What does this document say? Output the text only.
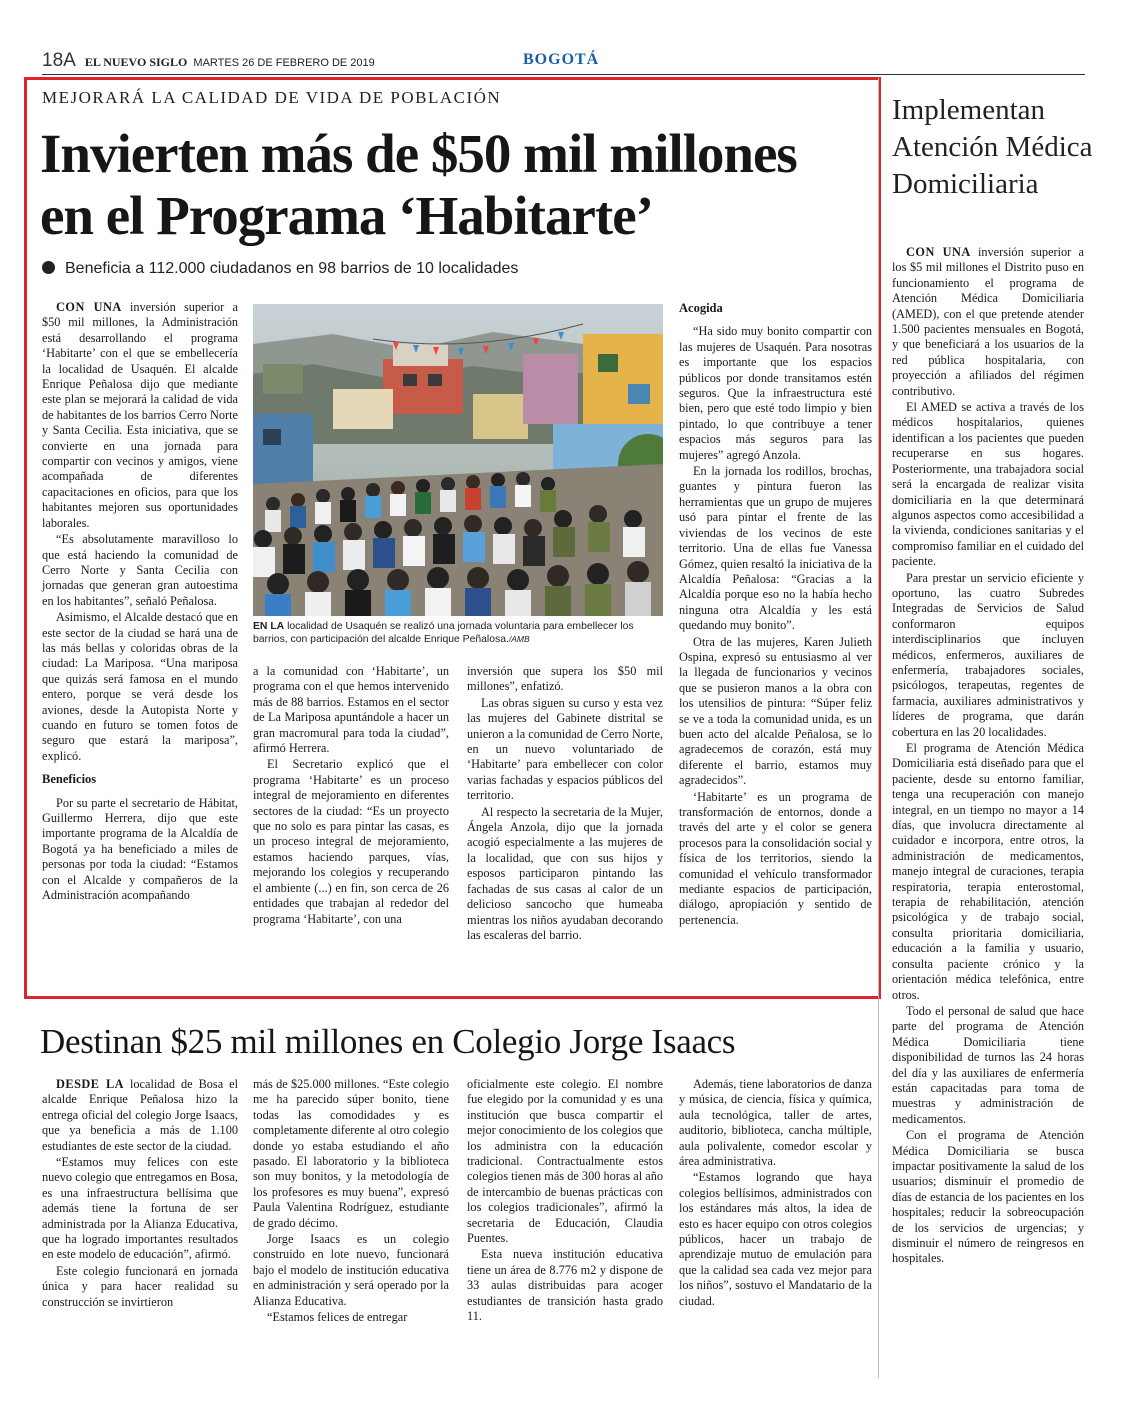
18A EL NUEVO SIGLO MARTES 26 DE FEBRERO DE 2019	BOGOTÁ
MEJORARÁ LA CALIDAD DE VIDA DE POBLACIÓN
Invierten más de $50 mil millones
en el Programa ‘Habitarte’
Beneficia a 112.000 ciudadanos en 98 barrios de 10 localidades

CON UNA inversión superior a $50 mil millones, la Administración está desarrollando el programa ‘Habitarte’ con el que se embellecería la localidad de Usaquén. El alcalde Enrique Peñalosa dijo que mediante este plan se mejorará la calidad de vida de habitantes de los barrios Cerro Norte y Santa Cecilia. Esta iniciativa, que se convierte en una jornada para compartir con vecinos y amigos, viene acompañada de diferentes capacitaciones en oficios, para que los habitantes mejoren sus oportunidades laborales.

“Es absolutamente maravilloso lo que está haciendo la comunidad de Cerro Norte y Santa Cecilia con jornadas que generan gran autoestima en los habitantes”, señaló Peñalosa.

Asimismo, el Alcalde destacó que en este sector de la ciudad se hará una de las más bellas y coloridas obras de la ciudad: La Mariposa. “Una mariposa que quizás será famosa en el mundo entero, porque se verá desde los aviones, desde la Autopista Norte y cuando en futuro se tomen fotos de seguro que estará la mariposa”, explicó.

Beneficios

Por su parte el secretario de Hábitat, Guillermo Herrera, dijo que este importante programa de la Alcaldía de Bogotá ya ha beneficiado a miles de personas por toda la ciudad: “Estamos con el Alcalde y compañeros de la Administración acompañando

EN LA localidad de Usaquén se realizó una jornada voluntaria para embellecer los barrios, con participación del alcalde Enrique Peñalosa./AMB

a la comunidad con ‘Habitarte’, un programa con el que hemos intervenido más de 88 barrios. Estamos en el sector de La Mariposa apuntándole a hacer un gran macromural para toda la ciudad”, afirmó Herrera.

El Secretario explicó que el programa ‘Habitarte’ es un proceso integral de mejoramiento en diferentes sectores de la ciudad: “Es un proyecto que no solo es para pintar las casas, es un proceso integral de mejoramiento, estamos haciendo parques, vías, mejorando los colegios y recuperando el ambiente (...) en fin, son cerca de 26 entidades que trabajan al rededor del programa ‘Habitarte’, con una

inversión que supera los $50 mil millones”, enfatizó.

Las obras siguen su curso y esta vez las mujeres del Gabinete distrital se unieron a la comunidad de Cerro Norte, en un nuevo voluntariado de ‘Habitarte’ para embellecer con color varias fachadas y espacios públicos del territorio.

Al respecto la secretaria de la Mujer, Ángela Anzola, dijo que la jornada acogió especialmente a las mujeres de la localidad, que con sus hijos y esposos participaron pintando las fachadas de sus casas al calor de un delicioso sancocho que humeaba mientras los niños ayudaban decorando las escaleras del barrio.

Acogida

“Ha sido muy bonito compartir con las mujeres de Usaquén. Para nosotras es importante que los espacios públicos por donde transitamos estén seguros. Que la infraestructura esté bien, pero que esté todo limpio y bien pintado, lo que contribuye a tener espacios más seguros para las mujeres” agregó Anzola.

En la jornada los rodillos, brochas, guantes y pintura fueron las herramientas que un grupo de mujeres usó para pintar el frente de las viviendas de los vecinos de este territorio. Una de ellas fue Vanessa Gómez, quien resaltó la iniciativa de la Alcaldía Peñalosa: “Gracias a la Alcaldía porque eso no la había hecho ninguna otra Alcaldía y les está quedando muy bonito”.

Otra de las mujeres, Karen Julieth Ospina, expresó su entusiasmo al ver la llegada de funcionarios y vecinos que se pusieron manos a la obra con los utensilios de pintura: “Súper feliz se ve a toda la comunidad unida, es un buen acto del alcalde Peñalosa, se lo agradecemos de corazón, está muy diferente el barrio, estamos muy agradecidos”.

‘Habitarte’ es un programa de transformación de entornos, donde a través del arte y el color se genera procesos para la consolidación social y física de los territorios, siendo la comunidad el vehículo transformador mediante espacios de participación, diálogo, apropiación y sentido de pertenencia.

Implementan Atención Médica Domiciliaria

CON UNA inversión superior a los $5 mil millones el Distrito puso en funcionamiento el programa de Atención Médica Domiciliaria (AMED), con el que pretende atender 1.500 pacientes mensuales en Bogotá, y que beneficiará a los usuarios de la red pública hospitalaria, con proyección a afiliados del régimen contributivo.

El AMED se activa a través de los médicos hospitalarios, quienes identifican a los pacientes que pueden recuperarse en sus hogares. Posteriormente, una trabajadora social será la encargada de realizar visita domiciliaria en la que determinará algunos aspectos como accesibilidad a la vivienda, condiciones sanitarias y el compromiso familiar en el cuidado del paciente.

Para prestar un servicio eficiente y oportuno, las cuatro Subredes Integradas de Servicios de Salud conformaron equipos interdisciplinarios que incluyen médicos, enfermeros, auxiliares de enfermería, trabajadores sociales, psicólogos, terapeutas, regentes de farmacia, auxiliares administrativos y líderes de programa, que darán cobertura en las 20 localidades.

El programa de Atención Médica Domiciliaria está diseñado para que el paciente, desde su entorno familiar, tenga una recuperación con manejo integral, en un tiempo no mayor a 14 días, que involucra directamente al cuidador e incorpora, entre otros, la administración de medicamentos, manejo integral de curaciones, terapia respiratoria, terapia enterostomal, terapia de rehabilitación, atención psicológica y de trabajo social, consulta prioritaria domiciliaria, educación a la familia y usuario, consulta paciente crónico y la orientación médica telefónica, entre otros.

Todo el personal de salud que hace parte del programa de Atención Médica Domiciliaria tiene disponibilidad de turnos las 24 horas del día y las auxiliares de enfermería están capacitadas para toma de muestras y administración de medicamentos.

Con el programa de Atención Médica Domiciliaria se busca impactar positivamente la salud de los usuarios; disminuir el promedio de días de estancia de los pacientes en los hospitales; reducir la sobreocupación de los servicios de urgencias; y disminuir el número de reingresos en hospitales.

Destinan $25 mil millones en Colegio Jorge Isaacs

DESDE LA localidad de Bosa el alcalde Enrique Peñalosa hizo la entrega oficial del colegio Jorge Isaacs, que ya beneficia a más de 1.100 estudiantes de este sector de la ciudad.

“Estamos muy felices con este nuevo colegio que entregamos en Bosa, es una infraestructura bellísima que además tiene la fortuna de ser administrada por la Alianza Educativa, que ha logrado importantes resultados en este modelo de educación”, afirmó.

Este colegio funcionará en jornada única y para hacer realidad su construcción se invirtieron

más de $25.000 millones. “Este colegio me ha parecido súper bonito, tiene todas las comodidades y es completamente diferente al otro colegio donde yo estaba estudiando el año pasado. El laboratorio y la biblioteca son muy bonitos, y la metodología de los profesores es muy buena”, expresó Paula Valentina Rodríguez, estudiante de grado décimo.

Jorge Isaacs es un colegio construido en lote nuevo, funcionará bajo el modelo de institución educativa en administración y será operado por la Alianza Educativa.

“Estamos felices de entregar

oficialmente este colegio. El nombre fue elegido por la comunidad y es una institución que busca compartir el mejor conocimiento de los colegios que los administra con la educación tradicional. Contractualmente estos colegios tienen más de 300 horas al año de intercambio de buenas prácticas con los colegios tradicionales”, afirmó la secretaria de Educación, Claudia Puentes.

Esta nueva institución educativa tiene un área de 8.776 m2 y dispone de 33 aulas distribuidas para acoger estudiantes de transición hasta grado 11.

Además, tiene laboratorios de danza y música, de ciencia, física y química, aula tecnológica, taller de artes, auditorio, biblioteca, cancha múltiple, aula polivalente, comedor escolar y área administrativa.

“Estamos logrando que haya colegios bellísimos, administrados con los estándares más altos, la idea de esto es hacer equipo con otros colegios públicos, hacer un trabajo de aprendizaje mutuo de emulación para que la calidad sea cada vez mejor para los niños”, sostuvo el Mandatario de la ciudad.
